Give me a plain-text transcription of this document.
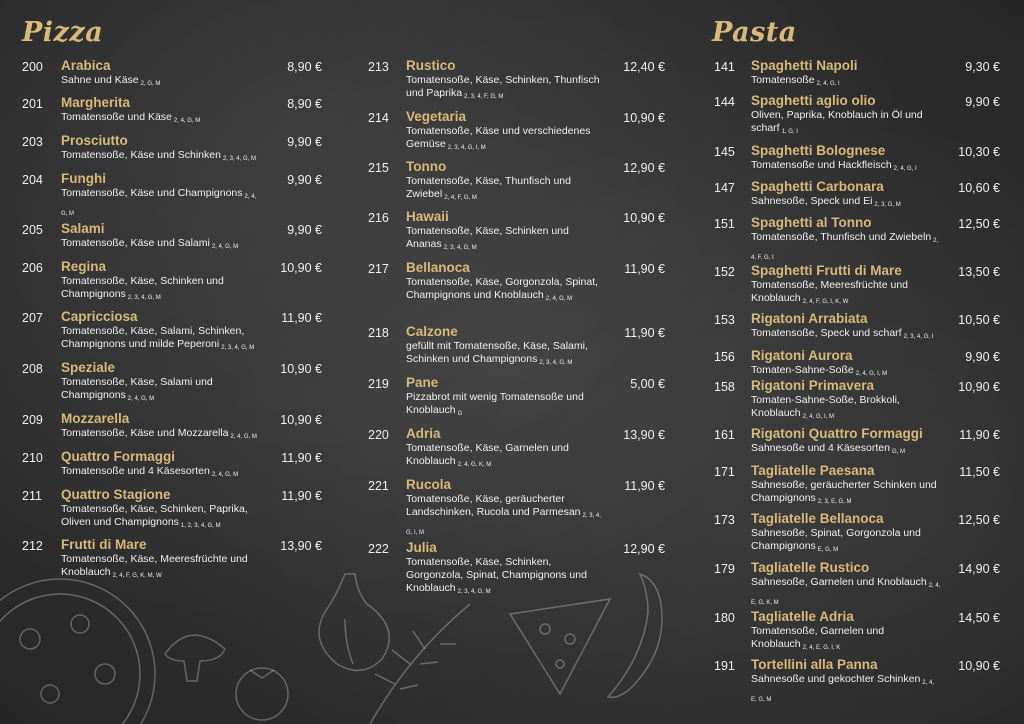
Pizza	Pasta
200 Arabica
Sahne und Käse $_{2, G, M}$
8,90 €
201 Margherita
Tomatensoße und Käse $_{2, 4, G, M}$
8,90 €
203 Prosciutto
Tomatensoße, Käse und Schinken $_{2, 3, 4, G, M}$
9,90 €
204 Funghi
Tomatensoße, Käse und Champignons $_{2, 4, G, M}$
9,90 €
205 Salami
Tomatensoße, Käse und Salami $_{2, 4, G, M}$
9,90 €
206 Regina
Tomatensoße, Käse, Schinken und Champignons $_{2, 3, 4, G, M}$
10,90 €
207 Capricciosa
Tomatensoße, Käse, Salami, Schinken, Champignons und milde Peperoni $_{2, 3, 4, G, M}$
11,90 €
208 Speziale
Tomatensoße, Käse, Salami und Champignons $_{2, 4, G, M}$
10,90 €
209 Mozzarella
Tomatensoße, Käse und Mozzarella $_{2, 4, G, M}$
10,90 €
210 Quattro Formaggi
Tomatensoße und 4 Käsesorten $_{2, 4, G, M}$
11,90 €
211 Quattro Stagione
Tomatensoße, Käse, Schinken, Paprika, Oliven und Champignons $_{1, 2, 3, 4, G, M}$
11,90 €
212 Frutti di Mare
Tomatensoße, Käse, Meeresfrüchte und Knoblauch $_{2, 4, F, G, K, M, W}$
13,90 €
213 Rustico
Tomatensoße, Käse, Schinken, Thunfisch und Paprika $_{2, 3, 4, F, G, M}$
12,40 €
214 Vegetaria
Tomatensoße, Käse und verschiedenes Gemüse $_{2, 3, 4, G, I, M}$
10,90 €
215 Tonno
Tomatensoße, Käse, Thunfisch und Zwiebel $_{2, 4, F, G, M}$
12,90 €
216 Hawaii
Tomatensoße, Käse, Schinken und Ananas $_{2, 3, 4, G, M}$
10,90 €
217 Bellanoca
Tomatensoße, Käse, Gorgonzola, Spinat, Champignons und Knoblauch $_{2, 4, G, M}$
11,90 €
218 Calzone
gefüllt mit Tomatensoße, Käse, Salami, Schinken und Champignons $_{2, 3, 4, G, M}$
11,90 €
219 Pane
Pizzabrot mit wenig Tomatensoße und Knoblauch $_G$
5,00 €
220 Adria
Tomatensoße, Käse, Garnelen und Knoblauch $_{2, 4, G, K, M}$
13,90 €
221 Rucola
Tomatensoße, Käse, geräucherter Landschinken, Rucola und Parmesan $_{2, 3, 4, G, I, M}$
11,90 €
222 Julia
Tomatensoße, Käse, Schinken, Gorgonzola, Spinat, Champignons und Knoblauch $_{2, 3, 4, G, M}$
12,90 €
141 Spaghetti Napoli
Tomatensoße $_{2, 4, G, I}$
9,30 €
144 Spaghetti aglio olio
Oliven, Paprika, Knoblauch in Öl und scharf $_{1, G, I}$
9,90 €
145 Spaghetti Bolognese
Tomatensoße und Hackfleisch $_{2, 4, G, I}$
10,30 €
147 Spaghetti Carbonara
Sahnesoße, Speck und Ei $_{2, 3, G, M}$
10,60 €
151 Spaghetti al Tonno
Tomatensoße, Thunfisch und Zwiebeln $_{2, 4, F, G, I}$
12,50 €
152 Spaghetti Frutti di Mare
Tomatensoße, Meeresfrüchte und Knoblauch $_{2, 4, F, G, I, K, W}$
13,50 €
153 Rigatoni Arrabiata
Tomatensoße, Speck und scharf $_{2, 3, 4, G, I}$
10,50 €
156 Rigatoni Aurora
Tomaten-Sahne-Soße $_{2, 4, G, I, M}$
9,90 €
158 Rigatoni Primavera
Tomaten-Sahne-Soße, Brokkoli, Knoblauch $_{2, 4, G, I, M}$
10,90 €
161 Rigatoni Quattro Formaggi
Sahnesoße und 4 Käsesorten $_{G, M}$
11,90 €
171 Tagliatelle Paesana
Sahnesoße, geräucherter Schinken und Champignons $_{2, 3, E, G, M}$
11,50 €
173 Tagliatelle Bellanoca
Sahnesoße, Spinat, Gorgonzola und Champignons $_{E, G, M}$
12,50 €
179 Tagliatelle Rustico
Sahnesoße, Garnelen und Knoblauch $_{2, 4, E, G, K, M}$
14,90 €
180 Tagliatelle Adria
Tomatensoße, Garnelen und Knoblauch $_{2, 4, E, G, I, K}$
14,50 €
191 Tortellini alla Panna
Sahnesoße und gekochter Schinken $_{2, 4, E, G, M}$
10,90 €
